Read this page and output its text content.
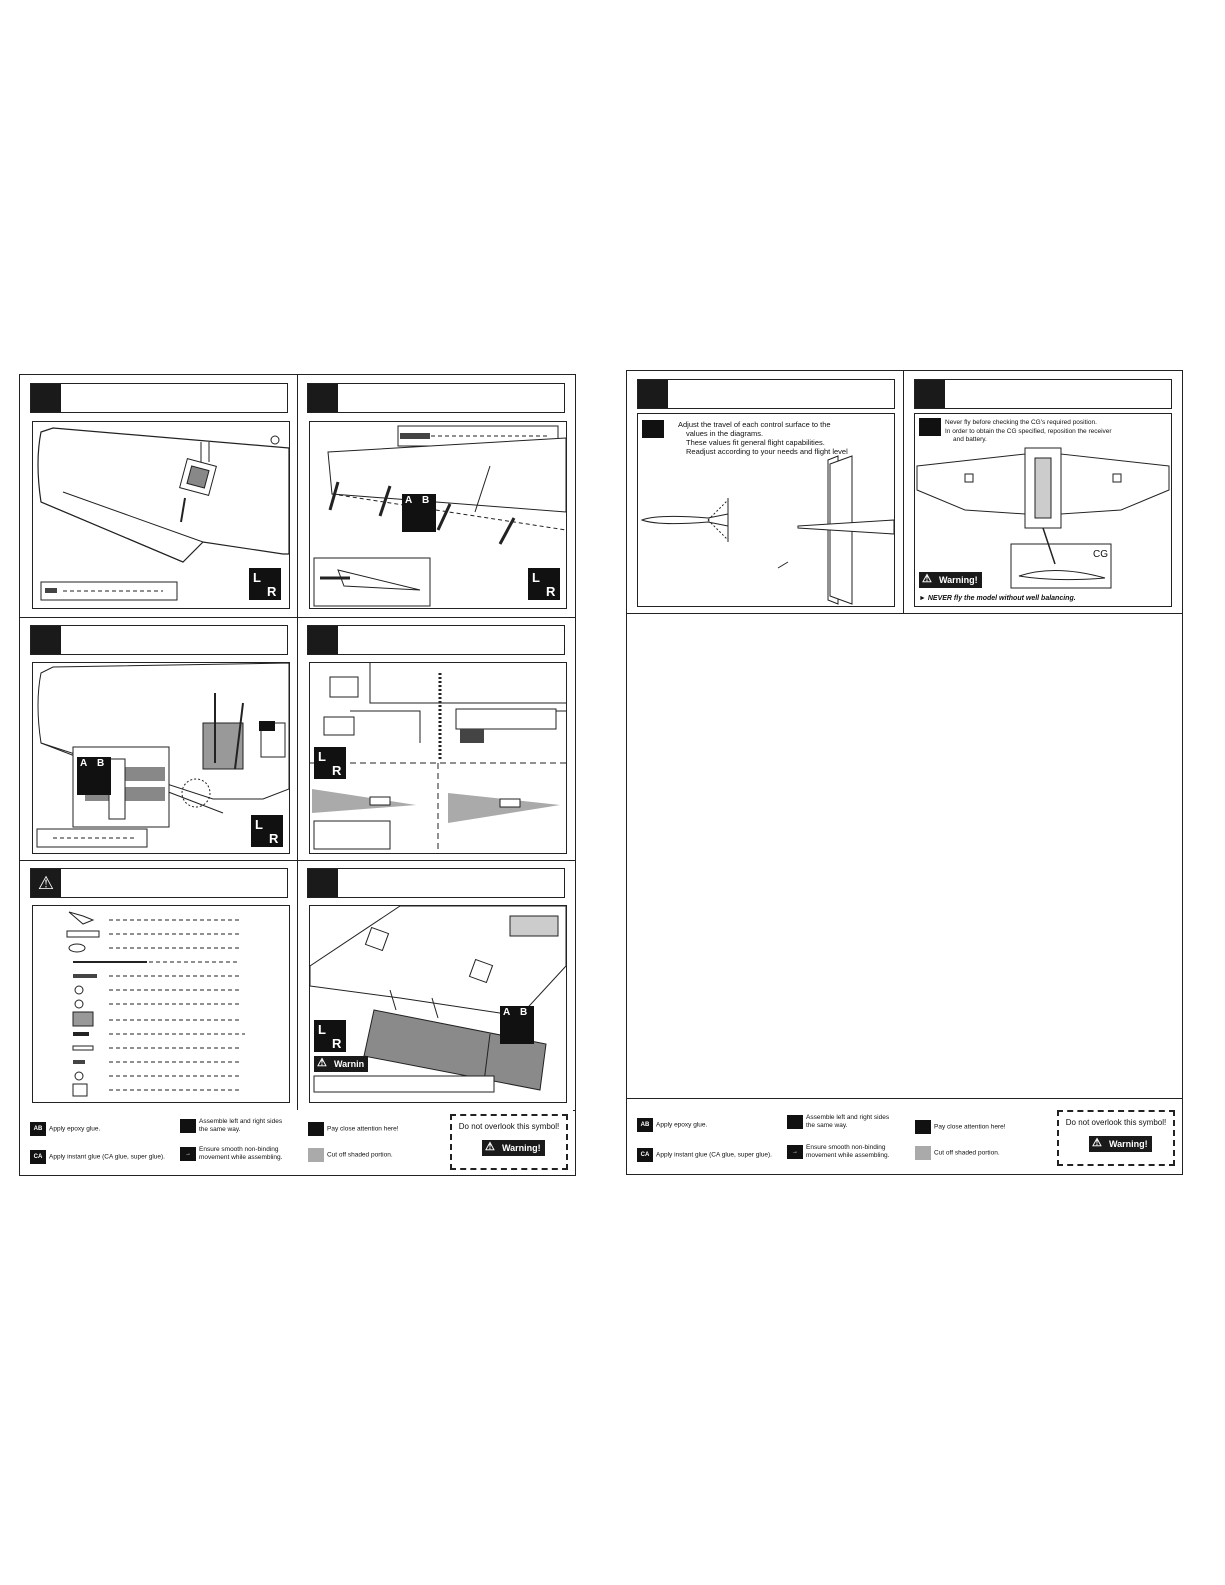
L
R
A B
L
R
A B
L
R
L
R
⚠
A B
L
R
⚠ Warnin
AB Apply epoxy glue.
CA Apply instant glue (CA glue, super glue).
Assemble left and right sides
the same way.
→Ensure smooth non-binding
movement while assembling.
Pay close attention here!
Cut off shaded portion.
Do not overlook this symbol!
⚠ Warning!
Adjust the travel of each control surface to the
values in the diagrams.
These values fit general flight capabilities.
Readjust according to your needs and flight level
Never fly before checking the CG's required position.
In order to obtain the CG specified, reposition the receiver
and battery.
CG
⚠ Warning!
► NEVER fly the model without well balancing.
AB Apply epoxy glue.
CA Apply instant glue (CA glue, super glue).
Assemble left and right sides
the same way.
→Ensure smooth non-binding
movement while assembling.
Pay close attention here!
Cut off shaded portion.
Do not overlook this symbol!
⚠ Warning!
